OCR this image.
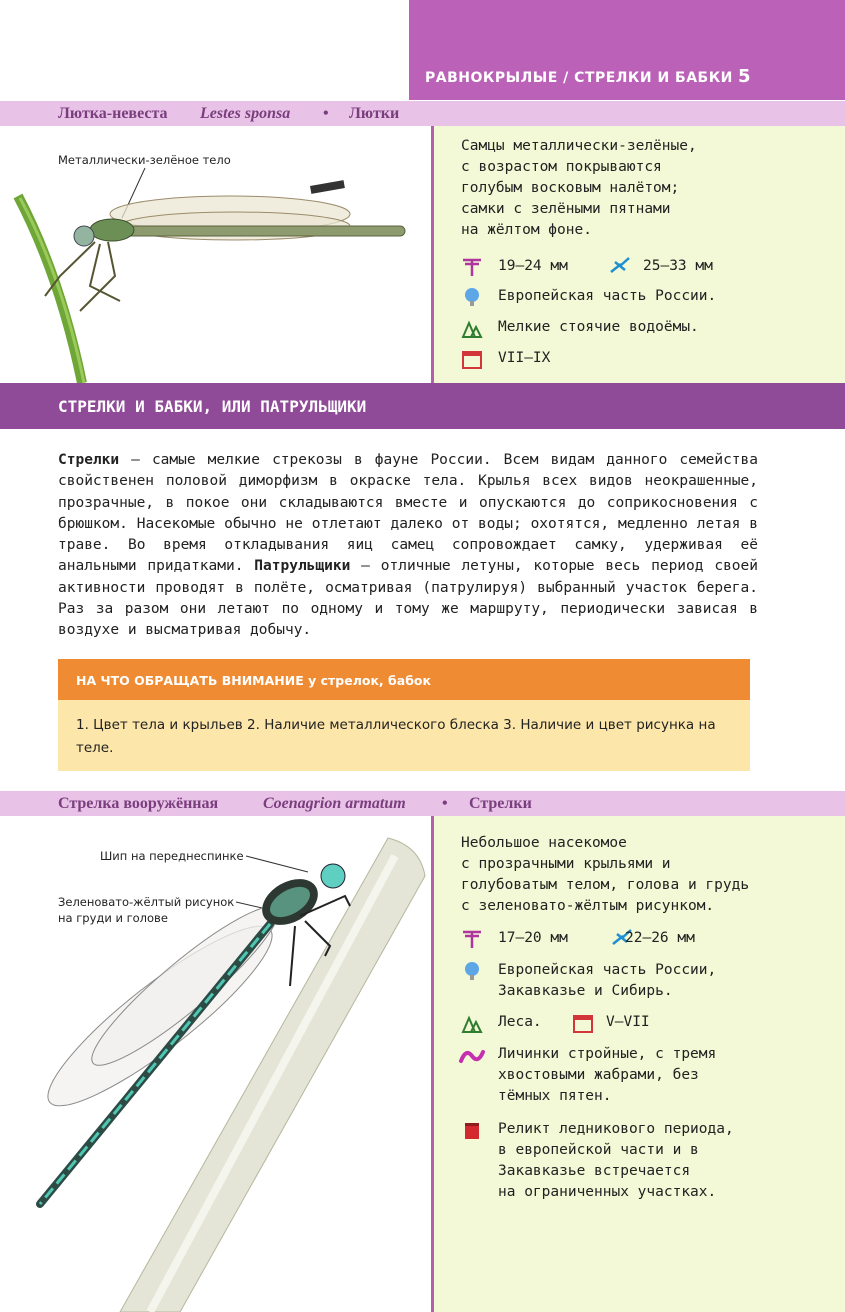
РАВНОКРЫЛЫЕ / СТРЕЛКИ И БАБКИ 5
Лютка-невеста Lestes sponsa • Лютки
Металлически-зелёное тело
Самцы металлически-зелёные,
с возрастом покрываются
голубым восковым налётом;
самки с зелёными пятнами
на жёлтом фоне.
19–24 мм	25–33 мм
Европейская часть России.
Мелкие стоячие водоёмы.
VII–IX
СТРЕЛКИ И БАБКИ, ИЛИ ПАТРУЛЬЩИКИ
Стрелки — самые мелкие стрекозы в фауне России. Всем видам данного семейства свойственен половой диморфизм в окраске тела. Крылья всех видов неокрашенные, прозрачные, в покое они складываются вместе и опускаются до соприкосновения с брюшком. Насекомые обычно не отлетают далеко от воды; охотятся, медленно летая в траве. Во время откладывания яиц самец сопровождает самку, удерживая её анальными придатками. Патрульщики — отличные летуны, которые весь период своей активности проводят в полёте, осматривая (патрулируя) выбранный участок берега. Раз за разом они летают по одному и тому же маршруту, периодически зависая в воздухе и высматривая добычу.
НА ЧТО ОБРАЩАТЬ ВНИМАНИЕ у стрелок, бабок
1. Цвет тела и крыльев 2. Наличие металлического блеска 3. Наличие и цвет рисунка на теле.
Стрелка вооружённая	Coenagrion armatum • Стрелки
Шип на переднеспинке
Зеленовато-жёлтый рисунок
на груди и голове
Небольшое насекомое
с прозрачными крыльями и
голубоватым телом, голова и грудь
с зеленовато-жёлтым рисунком.
17–20 мм	22–26 мм
Европейская часть России,
Закавказье и Сибирь.
Леса.	V–VII
Личинки стройные, с тремя
хвостовыми жабрами, без
тёмных пятен.
Реликт ледникового периода,
в европейской части и в
Закавказье встречается
на ограниченных участках.
